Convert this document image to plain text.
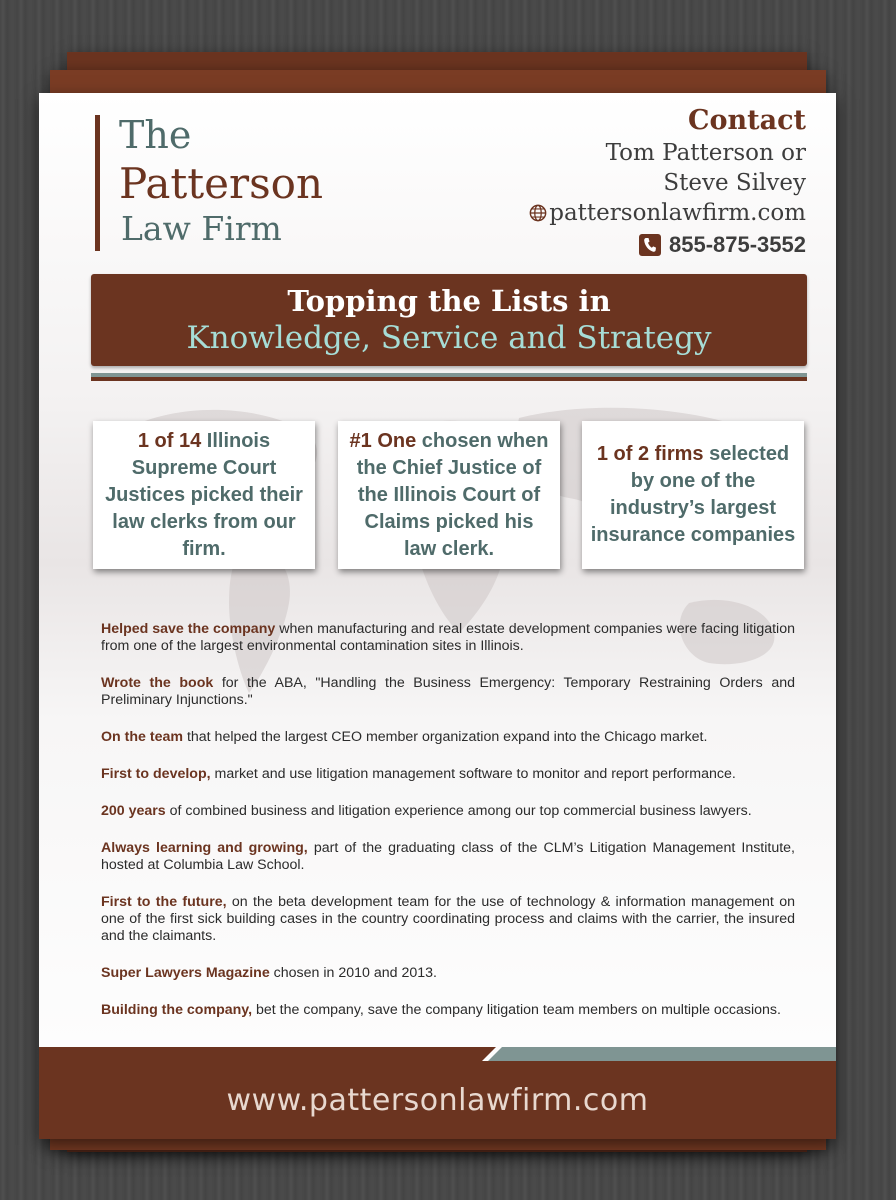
The

Patterson

Law Firm

Contact

Tom Patterson or
Steve Silvey
pattersonlawfirm.com
855-875-3552
Topping the Lists in
Knowledge, Service and Strategy
1 of 14 Illinois Supreme Court Justices picked their law clerks from our firm.
#1 One chosen when the Chief Justice of the Illinois Court of Claims picked his law clerk.
1 of 2 firms selected by one of the industry’s largest insurance companies

Helped save the company when manufacturing and real estate development companies were facing litigation from one of the largest environmental contamination sites in Illinois.

Wrote the book for the ABA, "Handling the Business Emergency: Temporary Restraining Orders and Preliminary Injunctions."

On the team that helped the largest CEO member organization expand into the Chicago market.

First to develop, market and use litigation management software to monitor and report performance.

200 years of combined business and litigation experience among our top commercial business lawyers.

Always learning and growing, part of the graduating class of the CLM’s Litigation Management Institute, hosted at Columbia Law School.

First to the future, on the beta development team for the use of technology & information management on one of the first sick building cases in the country coordinating process and claims with the carrier, the insured and the claimants.

Super Lawyers Magazine chosen in 2010 and 2013.

Building the company, bet the company, save the company litigation team members on multiple occasions.

www.pattersonlawfirm.com
